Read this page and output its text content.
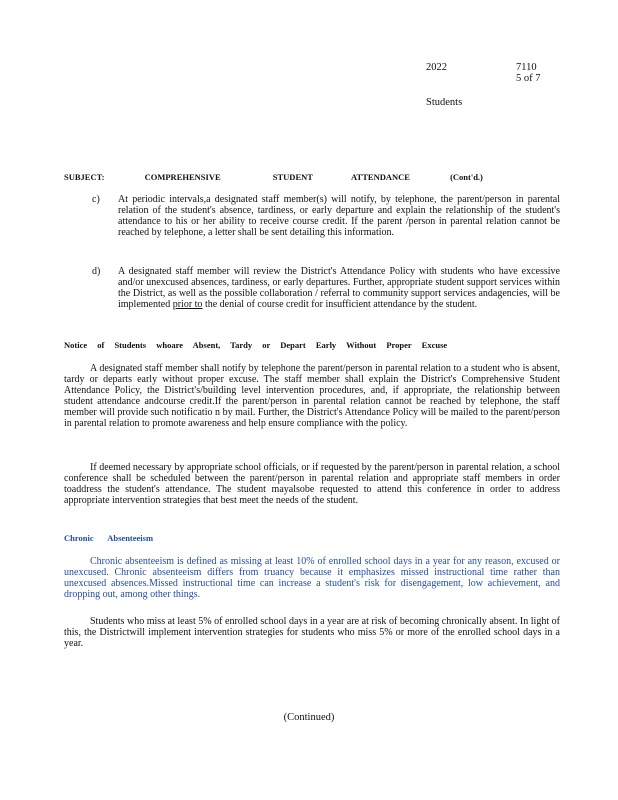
2022	7110
5 of 7
Students
SUBJECT:	COMPREHENSIVE	STUDENT	ATTENDANCE	(Cont'd.)
c) At periodic intervals,a designated staff member(s) will notify, by telephone, the parent/person in parental relation of the student's absence, tardiness, or early departure and explain the relationship of the student's attendance to his or her ability to receive course credit. If the parent /person in parental relation cannot be reached by telephone, a letter shall be sent detailing this information.
d) A designated staff member will review the District's Attendance Policy with students who have excessive and/or unexcused absences, tardiness, or early departures. Further, appropriate student support services within the District, as well as the possible collaboration / referral to community support services andagencies, will be implemented prior to the denial of course credit for insufficient attendance by the student.
Notice of Students whoare Absent, Tardy or Depart Early Without Proper Excuse
A designated staff member shall notify by telephone the parent/person in parental relation to a student who is absent, tardy or departs early without proper excuse. The staff member shall explain the District's Comprehensive Student Attendance Policy, the District's/building level intervention procedures, and, if appropriate, the relationship between student attendance andcourse credit.If the parent/person in parental relation cannot be reached by telephone, the staff member will provide such notificatio n by mail. Further, the District's Attendance Policy will be mailed to the parent/person in parental relation to promote awareness and help ensure compliance with the policy.
If deemed necessary by appropriate school officials, or if requested by the parent/person in parental relation, a school conference shall be scheduled between the parent/person in parental relation and appropriate staff members in order toaddress the student's attendance. The student mayalsobe requested to attend this conference in order to address appropriate intervention strategies that best meet the needs of the student.
Chronic Absenteeism
Chronic absenteeism is defined as missing at least 10% of enrolled school days in a year for any reason, excused or unexcused. Chronic absenteeism differs from truancy because it emphasizes missed instructional time rather than unexcused absences.Missed instructional time can increase a student's risk for disengagement, low achievement, and dropping out, among other things.
Students who miss at least 5% of enrolled school days in a year are at risk of becoming chronically absent. In light of this, the Districtwill implement intervention strategies for students who miss 5% or more of the enrolled school days in a year.
(Continued)
